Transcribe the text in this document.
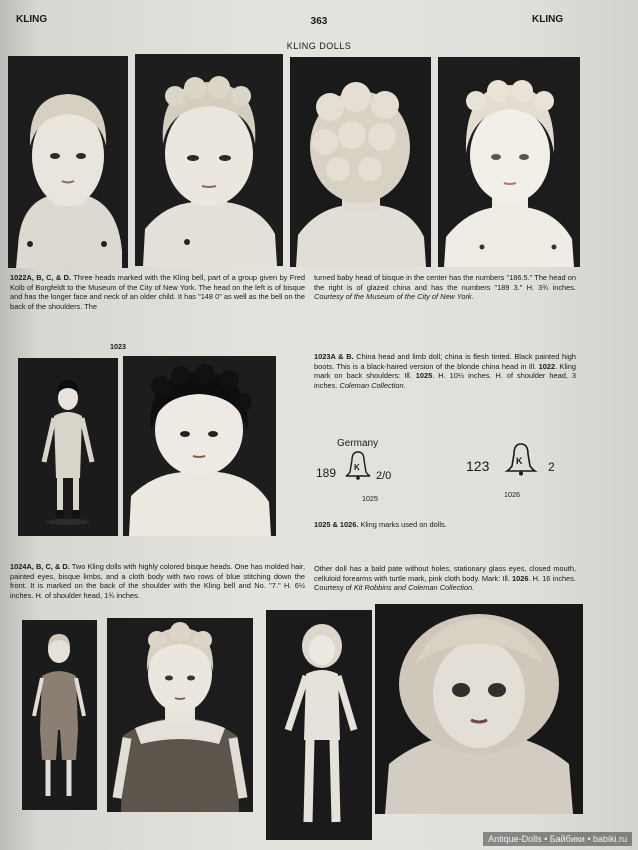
KLING	363	KLING
KLING DOLLS
1022A, B, C, & D. Three heads marked with the Kling bell, part of a group given by Fred Kolb of Borgfeldt to the Museum of the City of New York. The head on the left is of bisque and has the longer face and neck of an older child. It has "148 0" as well as the bell on the back of the shoulders. The
turned baby head of bisque in the center has the numbers "186.5." The head on the right is of glazed china and has the numbers "189 3." H. 3¾ inches. Courtesy of the Museum of the City of New York.
1023
1023A & B. China head and limb doll; china is flesh tinted. Black painted high boots. This is a black-haired version of the blonde china head in Ill. 1022. Kling mark on back shoulders: Ill. 1025. H. 10½ inches. H. of shoulder head, 3 inches. Coleman Collection.
Germany
189 K
2/0
1025
123	K 2
1026
1025 & 1026. Kling marks used on dolls.
1024A, B, C, & D. Two Kling dolls with highly colored bisque heads. One has molded hair, painted eyes, bisque limbs, and a cloth body with two rows of blue stitching down the front. It is marked on the back of the shoulder with the Kling bell and No. "7." H. 6½ inches. H. of shoulder head, 1¾ inches.
Other doll has a bald pate without holes, stationary glass eyes, closed mouth, celluloid forearms with turtle mark, pink cloth body. Mark: Ill. 1026. H. 16 inches. Courtesy of Kit Robbins and Coleman Collection.
Antique-Dolls • Байбики • babiki.ru
